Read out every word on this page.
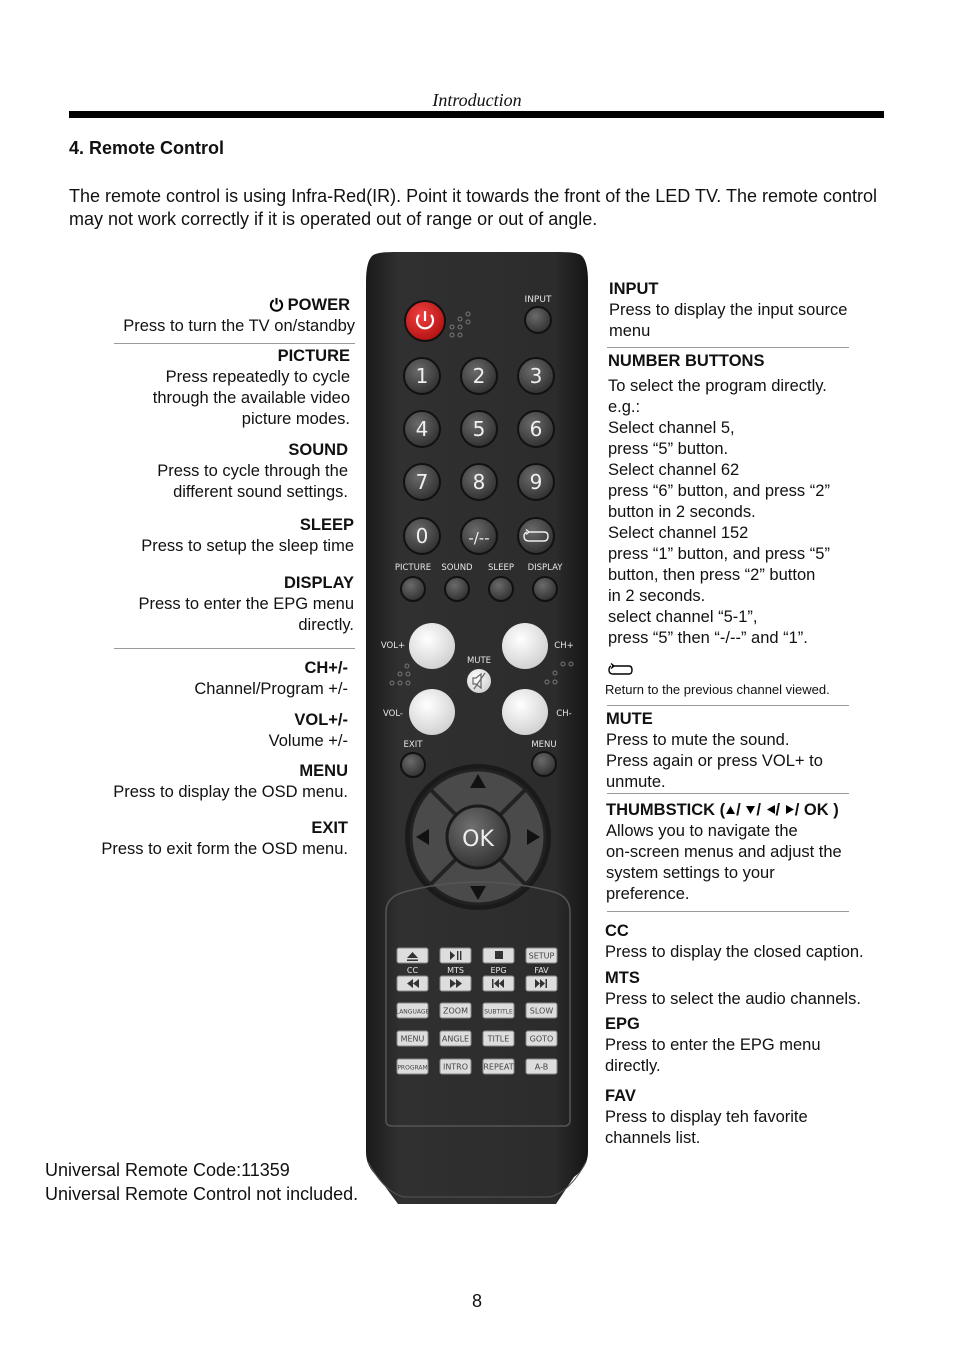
Introduction
4. Remote Control
The remote control is using Infra-Red(IR). Point it towards the front of the LED TV. The remote control may not work correctly if it is operated out of range or out of angle.
POWER
Press to turn the TV on/standby
PICTURE
Press repeatedly to cycle
through the available video
picture modes.
SOUND
Press to cycle through the
different sound settings.
SLEEP
Press to setup the sleep time
DISPLAY
Press to enter the EPG menu
directly.
CH+/-
Channel/Program +/-
VOL+/-
Volume +/-
MENU
Press to display the OSD menu.
EXIT
Press to exit form the OSD menu.
INPUT
Press to display the input source
menu
NUMBER BUTTONS
To select the program directly.
e.g.:
Select channel 5,
press “5” button.
Select channel 62
press “6” button, and press “2”
button in 2 seconds.
Select channel 152
press “1” button, and press “5”
button, then press “2” button
in 2 seconds.
select channel “5-1”,
press “5” then “-/--” and “1”.
Return to the previous channel viewed.
MUTE
Press to mute the sound.
Press again or press VOL+ to
unmute.
THUMBSTICK ( / / / / OK )
Allows you to navigate the
on-screen menus and adjust the
system settings to your
preference.
CC
Press to display the closed caption.
MTS
Press to select the audio channels.
EPG
Press to enter the EPG menu
directly.
FAV
Press to display teh favorite
channels list.
Universal Remote Code:11359
Universal Remote Control not included.
INPUT
1 2 3
4 5 6
7 8 9
0	-/--
PICTURE SOUND SLEEP DISPLAY
VOL+
VOL-
CH+
CH-
MUTE
EXIT	MENU
OK
SETUP
CC	MTS	EPG	FAV
LANGUAGE ZOOM	SUBTITLE SLOW
MENU ANGLE TITLE	GOTO
PROGRAM INTRO REPEAT	A-B
8
